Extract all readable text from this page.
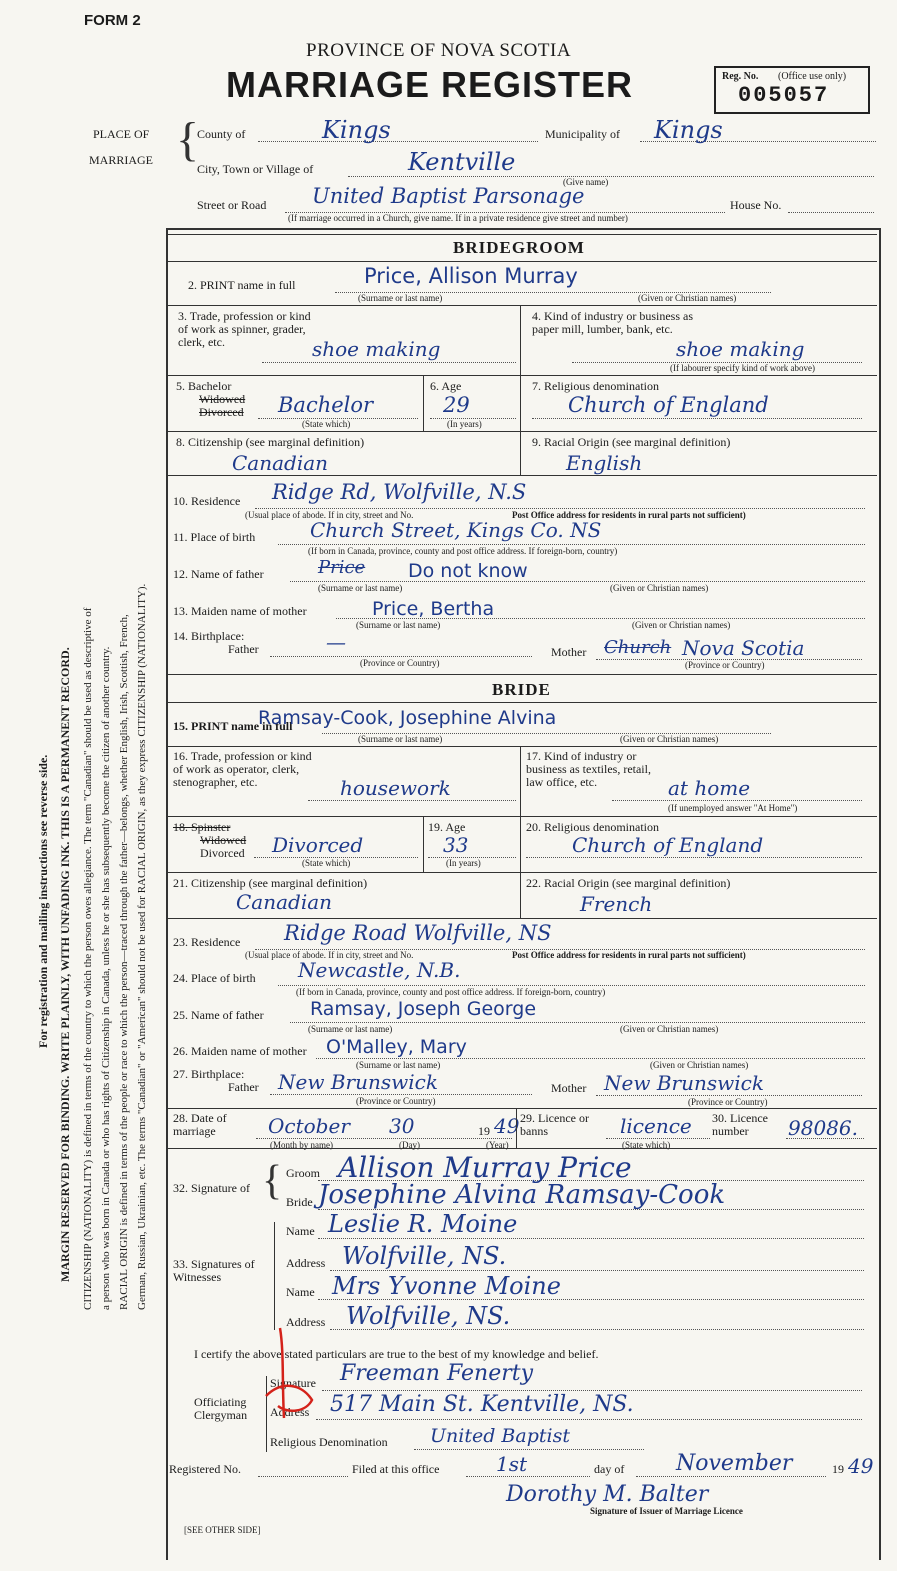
FORM 2
PROVINCE OF NOVA SCOTIA
MARRIAGE REGISTER	Reg. No. (Office use only)
005057
For registration and mailing instructions see reverse side. MARGIN RESERVED FOR BINDING. WRITE PLAINLY, WITH UNFADING INK. THIS IS A PERMANENT RECORD. CITIZENSHIP (NATIONALITY) is defined in terms of the country to which the person owes allegiance. The term "Canadian" should be used as descriptive of a person who was born in Canada or who has rights of Citizenship in Canada, unless he or she has subsequently become the citizen of another country. RACIAL ORIGIN is defined in terms of the people or race to which the person—traced through the father—belongs, whether English, Irish, Scottish, French, German, Russian, Ukrainian, etc. The terms "Canadian" or "American" should not be used for RACIAL ORIGIN, as they express CITIZENSHIP (NATIONALITY).
PLACE OF
MARRIAGE {
County of	Kings	Municipality of Kings
City, Town or Village of	Kentville
(Give name)
Street or Road United Baptist Parsonage	House No.
(If marriage occurred in a Church, give name. If in a private residence give street and number)
BRIDEGROOM
2. PRINT name in full	Price, Allison Murray
(Surname or last name)	(Given or Christian names)
3. Trade, profession or kind of work as spinner, grader, clerk, etc.	shoe making
4. Kind of industry or business as paper mill, lumber, bank, etc.
shoe making
(If labourer specify kind of work above)
5. Bachelor
Widowed
Divorced Bachelor
(State which)
6. Age
29
(In years)
7. Religious denomination
Church of England
8. Citizenship (see marginal definition)
Canadian
9. Racial Origin (see marginal definition)
English
10. Residence Ridge Rd, Wolfville, N.S
(Usual place of abode. If in city, street and No.	Post Office address for residents in rural parts not sufficient)
11. Place of birth	Church Street, Kings Co. NS
(If born in Canada, province, county and post office address. If foreign-born, country)
12. Name of father	Price Do not know
(Surname or last name)	(Given or Christian names)
13. Maiden name of mother	Price, Bertha
(Surname or last name)	(Given or Christian names)
14. Birthplace:
Father	—
(Province or Country)
Mother Church Nova Scotia
(Province or Country)
BRIDE
15. PRINT name in full
Ramsay-Cook, Josephine Alvina
(Surname or last name)	(Given or Christian names)
16. Trade, profession or kind of work as operator, clerk, stenographer, etc.	housework
17. Kind of industry or business as textiles, retail, law office, etc.	at home
(If unemployed answer "At Home")
18. Spinster
Widowed
Divorced Divorced
(State which)
19. Age
33
(In years)
20. Religious denomination
Church of England
21. Citizenship (see marginal definition)
Canadian
22. Racial Origin (see marginal definition)
French
23. Residence Ridge Road Wolfville, NS
(Usual place of abode. If in city, street and No.	Post Office address for residents in rural parts not sufficient)
24. Place of birth Newcastle, N.B.
(If born in Canada, province, county and post office address. If foreign-born, country)
25. Name of father Ramsay, Joseph George
(Surname or last name)	(Given or Christian names)
26. Maiden name of mother O'Malley, Mary
(Surname or last name)	(Given or Christian names)
27. Birthplace:
Father New Brunswick
(Province or Country)
Mother New Brunswick
(Province or Country)
28. Date of marriage	October 30	19 49
(Month by name)	(Day)	(Year)
29. Licence or banns	licence
(State which)
30. Licence number	98086.
32. Signature of { Groom Allison Murray Price
Bride Josephine Alvina Ramsay-Cook
33. Signatures of Witnesses
Name Leslie R. Moine
Address Wolfville, NS.
Name Mrs Yvonne Moine
Address Wolfville, NS.
I certify the above stated particulars are true to the best of my knowledge and belief.
Officiating Clergyman
Signature Freeman Fenerty
Address 517 Main St. Kentville, NS.
Religious Denomination United Baptist
Registered No.	Filed at this office	1st	day of November	19 49
Dorothy M. Balter
Signature of Issuer of Marriage Licence
[SEE OTHER SIDE]
